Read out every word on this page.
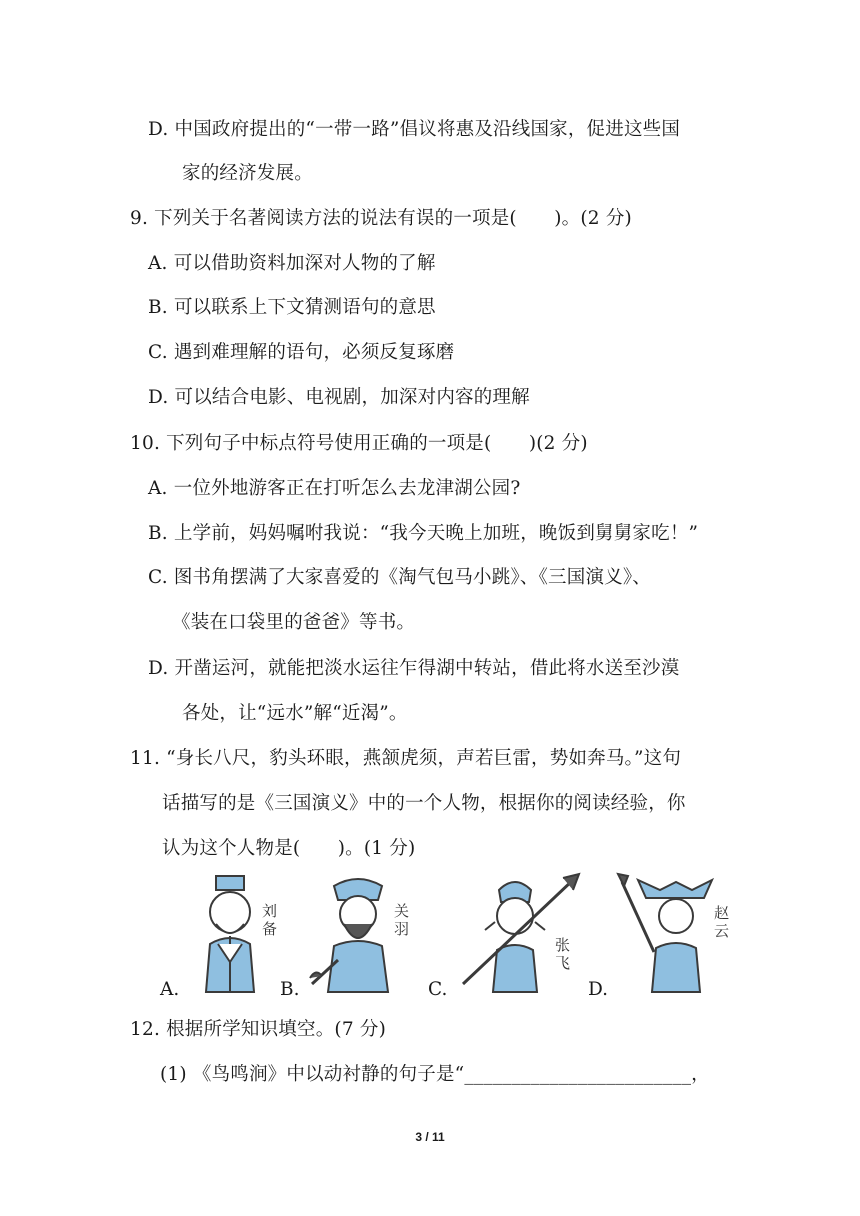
D. 中国政府提出的“一带一路”倡议将惠及沿线国家，促进这些国
家的经济发展。
9. 下列关于名著阅读方法的说法有误的一项是(　　)。(2 分)
A. 可以借助资料加深对人物的了解
B. 可以联系上下文猜测语句的意思
C. 遇到难理解的语句，必须反复琢磨
D. 可以结合电影、电视剧，加深对内容的理解
10. 下列句子中标点符号使用正确的一项是(　　)(2 分)
A. 一位外地游客正在打听怎么去龙津湖公园?
B. 上学前，妈妈嘱咐我说：“我今天晚上加班，晚饭到舅舅家吃！”
C. 图书角摆满了大家喜爱的《淘气包马小跳》、《三国演义》、
《装在口袋里的爸爸》等书。
D. 开凿运河，就能把淡水运往乍得湖中转站，借此将水送至沙漠
各处，让“远水”解“近渴”。
11. “身长八尺，豹头环眼，燕颔虎须，声若巨雷，势如奔马。”这句
话描写的是《三国演义》中的一个人物，根据你的阅读经验，你
认为这个人物是(　　)。(1 分)
A.
刘
备
B.
关
羽
C.
张
飞
D.
赵
云
12. 根据所学知识填空。(7 分)
(1) 《鸟鸣涧》中以动衬静的句子是“________________________，
3 / 11
